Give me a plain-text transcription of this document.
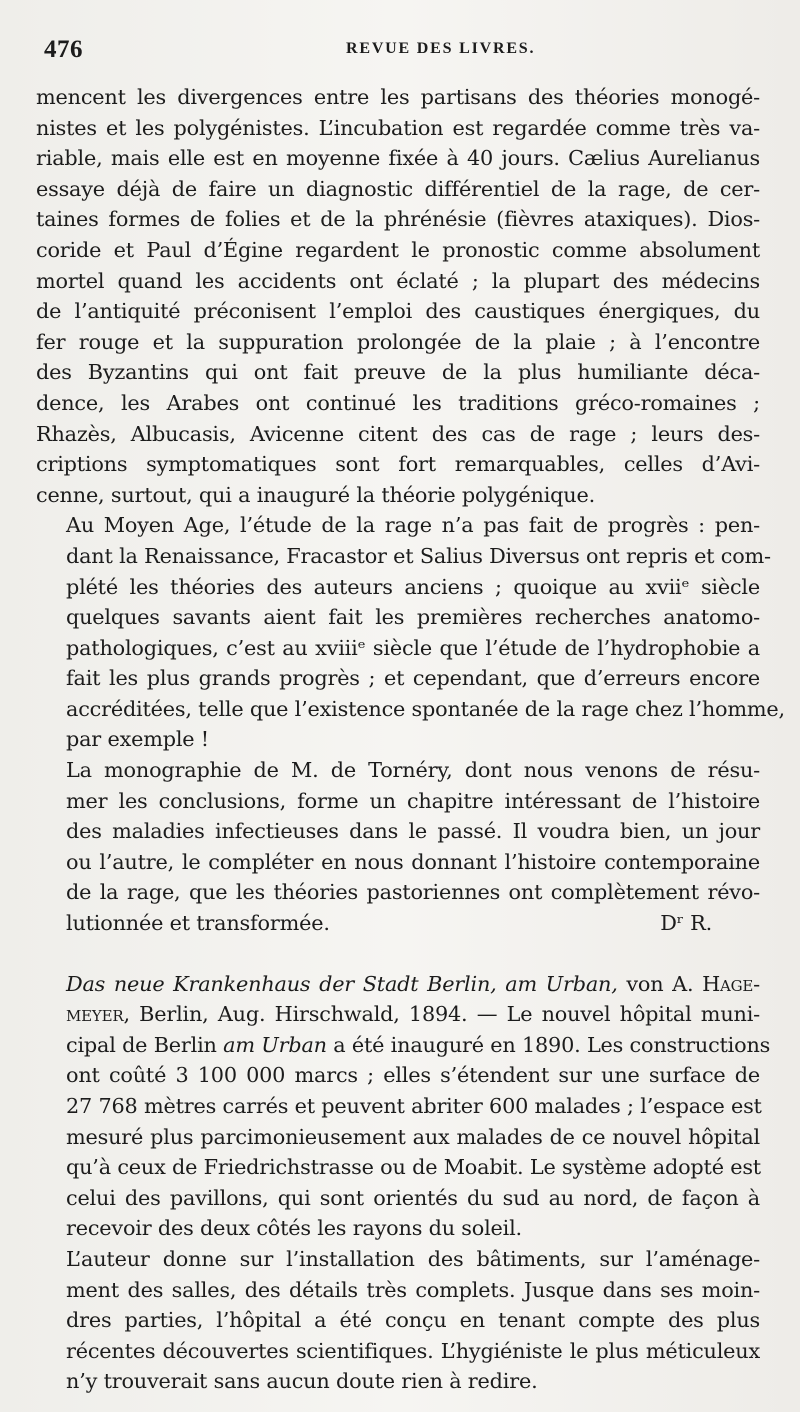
476	REVUE DES LIVRES.
mencent les divergences entre les partisans des théories monogé-
nistes et les polygénistes. L’incubation est regardée comme très va-
riable, mais elle est en moyenne fixée à 40 jours. Cælius Aurelianus
essaye déjà de faire un diagnostic différentiel de la rage, de cer-
taines formes de folies et de la phrénésie (fièvres ataxiques). Dios-
coride et Paul d’Égine regardent le pronostic comme absolument
mortel quand les accidents ont éclaté ; la plupart des médecins
de l’antiquité préconisent l’emploi des caustiques énergiques, du
fer rouge et la suppuration prolongée de la plaie ; à l’encontre
des Byzantins qui ont fait preuve de la plus humiliante déca-
dence, les Arabes ont continué les traditions gréco-romaines ;
Rhazès, Albucasis, Avicenne citent des cas de rage ; leurs des-
criptions symptomatiques sont fort remarquables, celles d’Avi-
cenne, surtout, qui a inauguré la théorie polygénique.
Au Moyen Age, l’étude de la rage n’a pas fait de progrès : pen-
dant la Renaissance, Fracastor et Salius Diversus ont repris et com-
plété les théories des auteurs anciens ; quoique au xviiᵉ siècle
quelques savants aient fait les premières recherches anatomo-
pathologiques, c’est au xviiiᵉ siècle que l’étude de l’hydrophobie a
fait les plus grands progrès ; et cependant, que d’erreurs encore
accréditées, telle que l’existence spontanée de la rage chez l’homme,
par exemple !
La monographie de M. de Tornéry, dont nous venons de résu-
mer les conclusions, forme un chapitre intéressant de l’histoire
des maladies infectieuses dans le passé. Il voudra bien, un jour
ou l’autre, le compléter en nous donnant l’histoire contemporaine
de la rage, que les théories pastoriennes ont complètement révo-
lutionnée et transformée.	Dʳ R.
Das neue Krankenhaus der Stadt Berlin, am Urban, von A. Hage-
meyer, Berlin, Aug. Hirschwald, 1894. — Le nouvel hôpital muni-
cipal de Berlin am Urban a été inauguré en 1890. Les constructions
ont coûté 3 100 000 marcs ; elles s’étendent sur une surface de
27 768 mètres carrés et peuvent abriter 600 malades ; l’espace est
mesuré plus parcimonieusement aux malades de ce nouvel hôpital
qu’à ceux de Friedrichstrasse ou de Moabit. Le système adopté est
celui des pavillons, qui sont orientés du sud au nord, de façon à
recevoir des deux côtés les rayons du soleil.
L’auteur donne sur l’installation des bâtiments, sur l’aménage-
ment des salles, des détails très complets. Jusque dans ses moin-
dres parties, l’hôpital a été conçu en tenant compte des plus
récentes découvertes scientifiques. L’hygiéniste le plus méticuleux
n’y trouverait sans aucun doute rien à redire.
